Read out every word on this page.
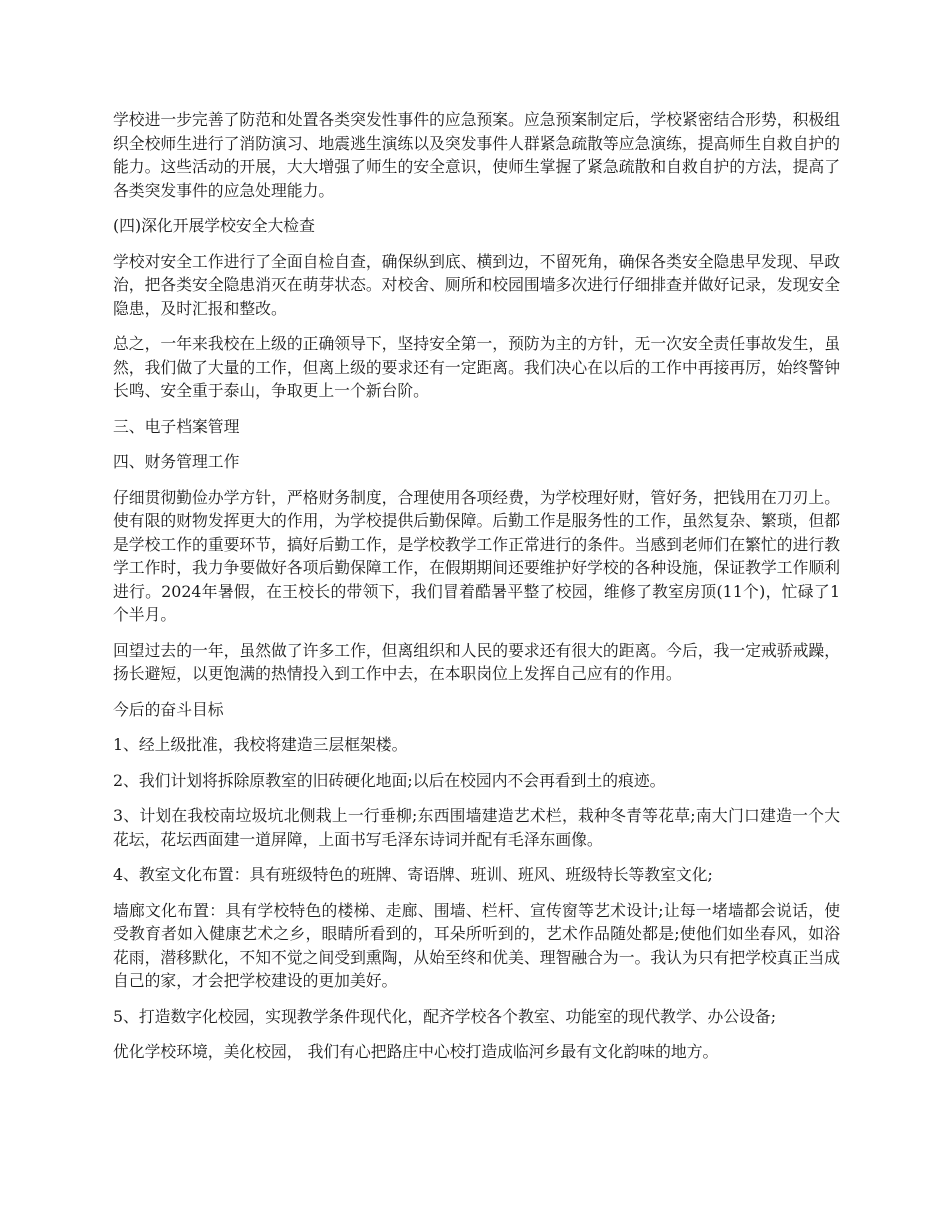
学校进一步完善了防范和处置各类突发性事件的应急预案。应急预案制定后，学校紧密结合形势，积极组织全校师生进行了消防演习、地震逃生演练以及突发事件人群紧急疏散等应急演练，提高师生自救自护的能力。这些活动的开展，大大增强了师生的安全意识，使师生掌握了紧急疏散和自救自护的方法，提高了各类突发事件的应急处理能力。

(四)深化开展学校安全大检查

学校对安全工作进行了全面自检自查，确保纵到底、横到边，不留死角，确保各类安全隐患早发现、早政治，把各类安全隐患消灭在萌芽状态。对校舍、厕所和校园围墙多次进行仔细排查并做好记录，发现安全隐患，及时汇报和整改。

总之，一年来我校在上级的正确领导下，坚持安全第一，预防为主的方针，无一次安全责任事故发生，虽然，我们做了大量的工作，但离上级的要求还有一定距离。我们决心在以后的工作中再接再厉，始终警钟长鸣、安全重于泰山，争取更上一个新台阶。

三、电子档案管理

四、财务管理工作

仔细贯彻勤俭办学方针，严格财务制度，合理使用各项经费，为学校理好财，管好务，把钱用在刀刃上。使有限的财物发挥更大的作用，为学校提供后勤保障。后勤工作是服务性的工作，虽然复杂、繁琐，但都是学校工作的重要环节，搞好后勤工作，是学校教学工作正常进行的条件。当感到老师们在繁忙的进行教学工作时，我力争要做好各项后勤保障工作，在假期期间还要维护好学校的各种设施，保证教学工作顺利进行。2024年暑假，在王校长的带领下，我们冒着酷暑平整了校园，维修了教室房顶(11个)，忙碌了1个半月。

回望过去的一年，虽然做了许多工作，但离组织和人民的要求还有很大的距离。今后，我一定戒骄戒躁，扬长避短，以更饱满的热情投入到工作中去，在本职岗位上发挥自己应有的作用。

今后的奋斗目标

1、经上级批准，我校将建造三层框架楼。

2、我们计划将拆除原教室的旧砖硬化地面;以后在校园内不会再看到土的痕迹。

3、计划在我校南垃圾坑北侧栽上一行垂柳;东西围墙建造艺术栏，栽种冬青等花草;南大门口建造一个大花坛，花坛西面建一道屏障，上面书写毛泽东诗词并配有毛泽东画像。

4、教室文化布置：具有班级特色的班牌、寄语牌、班训、班风、班级特长等教室文化;

墙廊文化布置：具有学校特色的楼梯、走廊、围墙、栏杆、宣传窗等艺术设计;让每一堵墙都会说话，使受教育者如入健康艺术之乡，眼睛所看到的，耳朵所听到的，艺术作品随处都是;使他们如坐春风，如浴花雨，潜移默化，不知不觉之间受到熏陶，从始至终和优美、理智融合为一。我认为只有把学校真正当成自己的家，才会把学校建设的更加美好。

5、打造数字化校园，实现教学条件现代化，配齐学校各个教室、功能室的现代教学、办公设备;

优化学校环境，美化校园， 我们有心把路庄中心校打造成临河乡最有文化韵味的地方。
